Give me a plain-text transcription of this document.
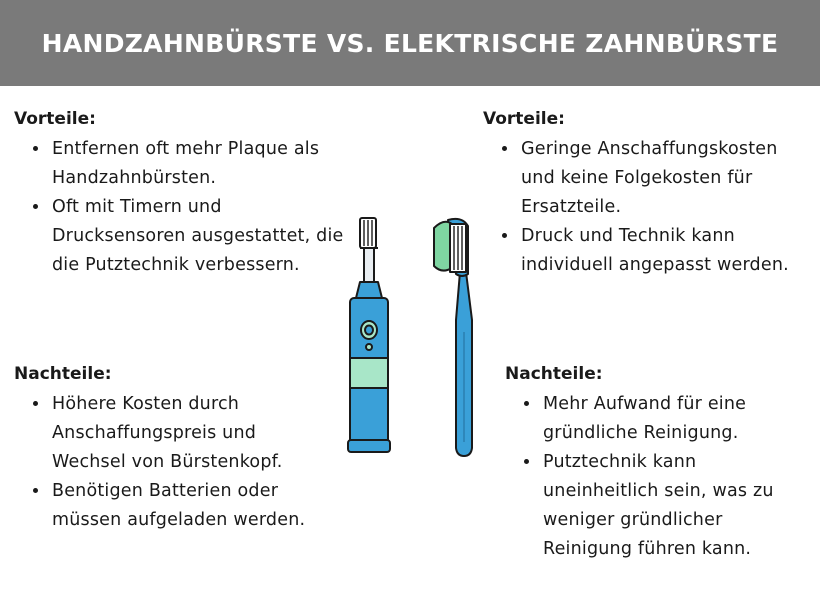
HANDZAHNBÜRSTE VS. ELEKTRISCHE ZAHNBÜRSTE
Vorteile:
• Entfernen oft mehr Plaque als Handzahnbürsten.
• Oft mit Timern und Drucksensoren ausgestattet, die die Putztechnik verbessern.
Nachteile:
• Höhere Kosten durch Anschaffungspreis und Wechsel von Bürstenkopf.
• Benötigen Batterien oder müssen aufgeladen werden.
Vorteile:
• Geringe Anschaffungskosten und keine Folgekosten für Ersatzteile.
• Druck und Technik kann individuell angepasst werden.
Nachteile:
• Mehr Aufwand für eine gründliche Reinigung.
• Putztechnik kann uneinheitlich sein, was zu weniger gründlicher Reinigung führen kann.
